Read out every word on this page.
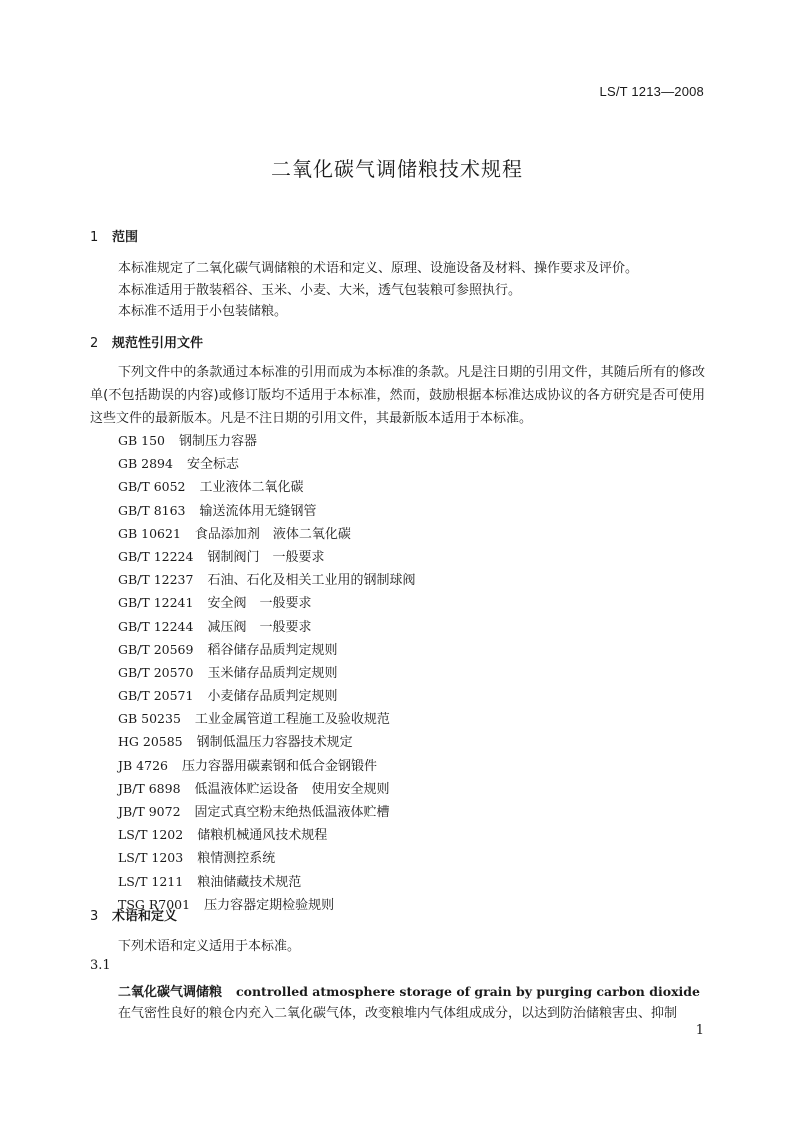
LS/T 1213—2008
二氧化碳气调储粮技术规程
1 范围
本标准规定了二氧化碳气调储粮的术语和定义、原理、设施设备及材料、操作要求及评价。
本标准适用于散装稻谷、玉米、小麦、大米，透气包装粮可参照执行。
本标准不适用于小包装储粮。
2 规范性引用文件
下列文件中的条款通过本标准的引用而成为本标准的条款。凡是注日期的引用文件，其随后所有的修改单(不包括勘误的内容)或修订版均不适用于本标准，然而，鼓励根据本标准达成协议的各方研究是否可使用这些文件的最新版本。凡是不注日期的引用文件，其最新版本适用于本标准。
GB 150 钢制压力容器
GB 2894 安全标志
GB/T 6052 工业液体二氧化碳
GB/T 8163 输送流体用无缝钢管
GB 10621 食品添加剂　液体二氧化碳
GB/T 12224 钢制阀门　一般要求
GB/T 12237 石油、石化及相关工业用的钢制球阀
GB/T 12241 安全阀　一般要求
GB/T 12244 减压阀　一般要求
GB/T 20569 稻谷储存品质判定规则
GB/T 20570 玉米储存品质判定规则
GB/T 20571 小麦储存品质判定规则
GB 50235 工业金属管道工程施工及验收规范
HG 20585 钢制低温压力容器技术规定
JB 4726 压力容器用碳素钢和低合金钢锻件
JB/T 6898 低温液体贮运设备　使用安全规则
JB/T 9072 固定式真空粉末绝热低温液体贮槽
LS/T 1202 储粮机械通风技术规程
LS/T 1203 粮情测控系统
LS/T 1211 粮油储藏技术规范
TSG R7001 压力容器定期检验规则
3 术语和定义
下列术语和定义适用于本标准。
3.1
二氧化碳气调储粮 controlled atmosphere storage of grain by purging carbon dioxide
在气密性良好的粮仓内充入二氧化碳气体，改变粮堆内气体组成成分，以达到防治储粮害虫、抑制
1
